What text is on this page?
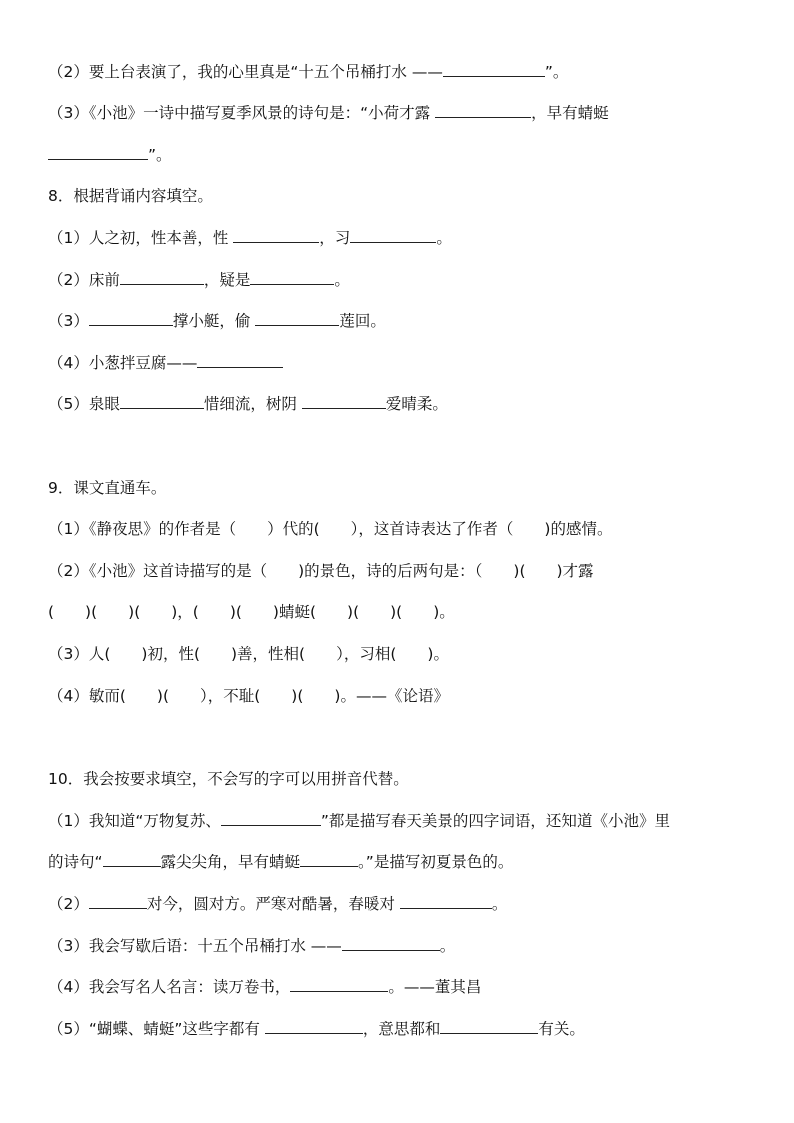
（2）要上台表演了，我的心里真是“十五个吊桶打水 ——	”。
（3）《小池》一诗中描写夏季风景的诗句是：“小荷才露	，早有蜻蜓
”。
8．根据背诵内容填空。
（1）人之初，性本善，性	，习	。
（2）床前	，疑是	。
（3）	撑小艇，偷	莲回。
（4）小葱拌豆腐——
（5）泉眼	惜细流，树阴	爱晴柔。
9．课文直通车。
（1）《静夜思》的作者是（　　）代的(　　），这首诗表达了作者（　　)的感情。
（2）《小池》这首诗描写的是（　　)的景色，诗的后两句是：（　　)(　　)才露
(　　)(　　)(　　)，(　　)(　　)蜻蜓(　　)(　　)(　　)。
（3）人(　　)初，性(　　)善，性相(　　），习相(　　)。
（4）敏而(　　)(　　），不耻(　　)(　　)。——《论语》
10．我会按要求填空，不会写的字可以用拼音代替。
（1）我知道“万物复苏、	”都是描写春天美景的四字词语，还知道《小池》里
的诗句“	露尖尖角，早有蜻蜓	。”是描写初夏景色的。
（2）	对今，圆对方。严寒对酷暑，春暖对	。
（3）我会写歇后语：十五个吊桶打水 ——	。
（4）我会写名人名言：读万卷书，	。——董其昌
（5）“蝴蝶、蜻蜓”这些字都有	，意思都和	有关。
